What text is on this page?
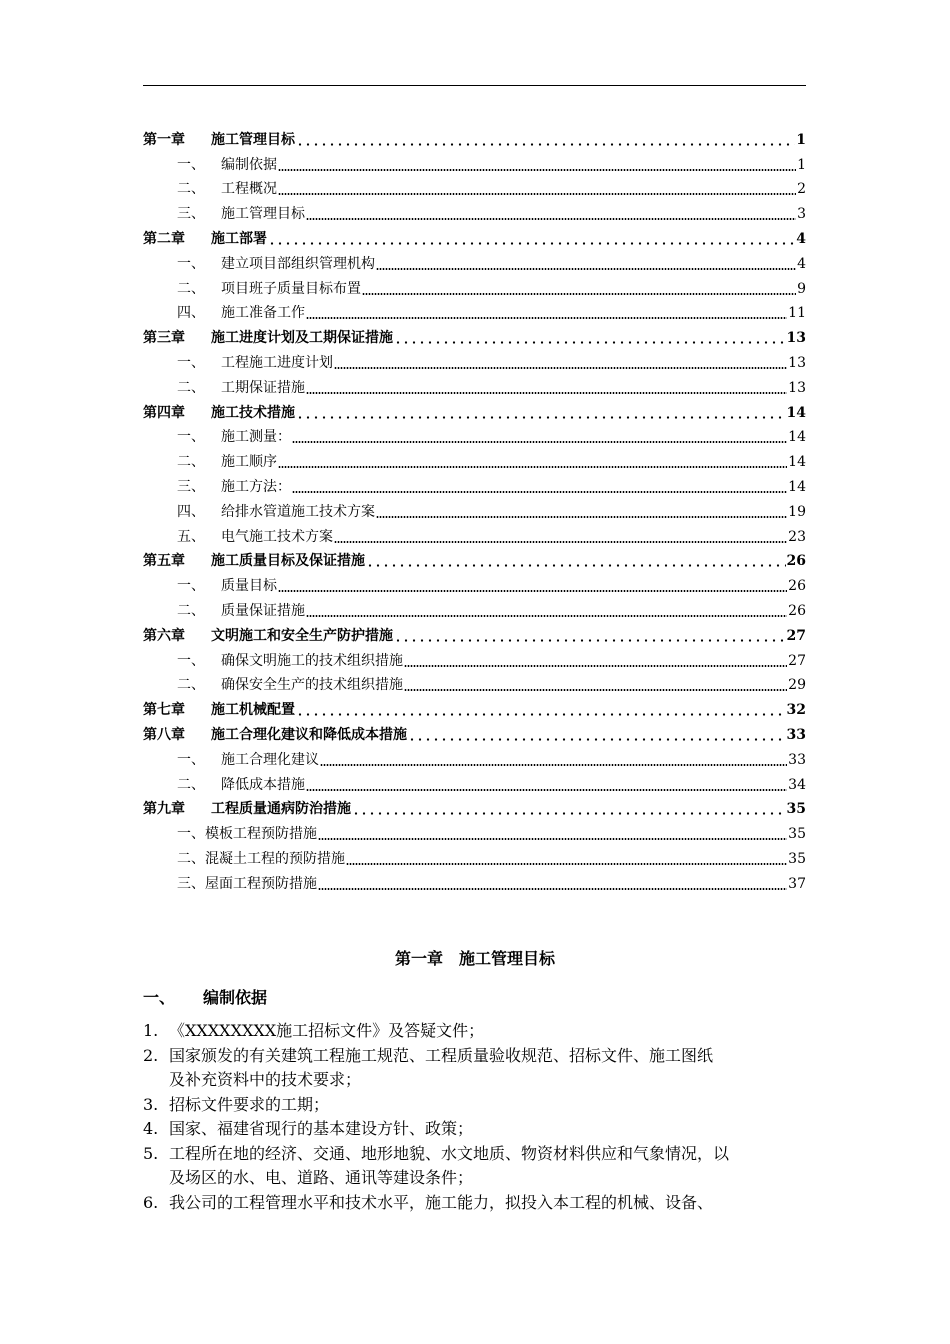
第一章	施工管理目标	1
一、	编制依据	1
二、	工程概况	2
三、	施工管理目标	3
第二章	施工部署	4
一、	建立项目部组织管理机构	4
二、	项目班子质量目标布置	9
四、	施工准备工作	11
第三章	施工进度计划及工期保证措施	13
一、	工程施工进度计划	13
二、	工期保证措施	13
第四章	施工技术措施	14
一、	施工测量：	14
二、	施工顺序	14
三、	施工方法：	14
四、	给排水管道施工技术方案	19
五、	电气施工技术方案	23
第五章	施工质量目标及保证措施	26
一、	质量目标	26
二、	质量保证措施	26
第六章	文明施工和安全生产防护措施	27
一、	确保文明施工的技术组织措施	27
二、	确保安全生产的技术组织措施	29
第七章	施工机械配置	32
第八章	施工合理化建议和降低成本措施	33
一、	施工合理化建议	33
二、	降低成本措施	34
第九章	工程质量通病防治措施	35
一、 模板工程预防措施	35
二、 混凝土工程的预防措施	35
三、 屋面工程预防措施	37
第一章　施工管理目标
一、 编制依据
1. 《XXXXXXXX施工招标文件》及答疑文件；
2. 国家颁发的有关建筑工程施工规范、工程质量验收规范、招标文件、施工图纸
及补充资料中的技术要求；
3. 招标文件要求的工期；
4. 国家、福建省现行的基本建设方针、政策；
5. 工程所在地的经济、交通、地形地貌、水文地质、物资材料供应和气象情况，以
及场区的水、电、道路、通讯等建设条件；
6. 我公司的工程管理水平和技术水平，施工能力，拟投入本工程的机械、设备、
